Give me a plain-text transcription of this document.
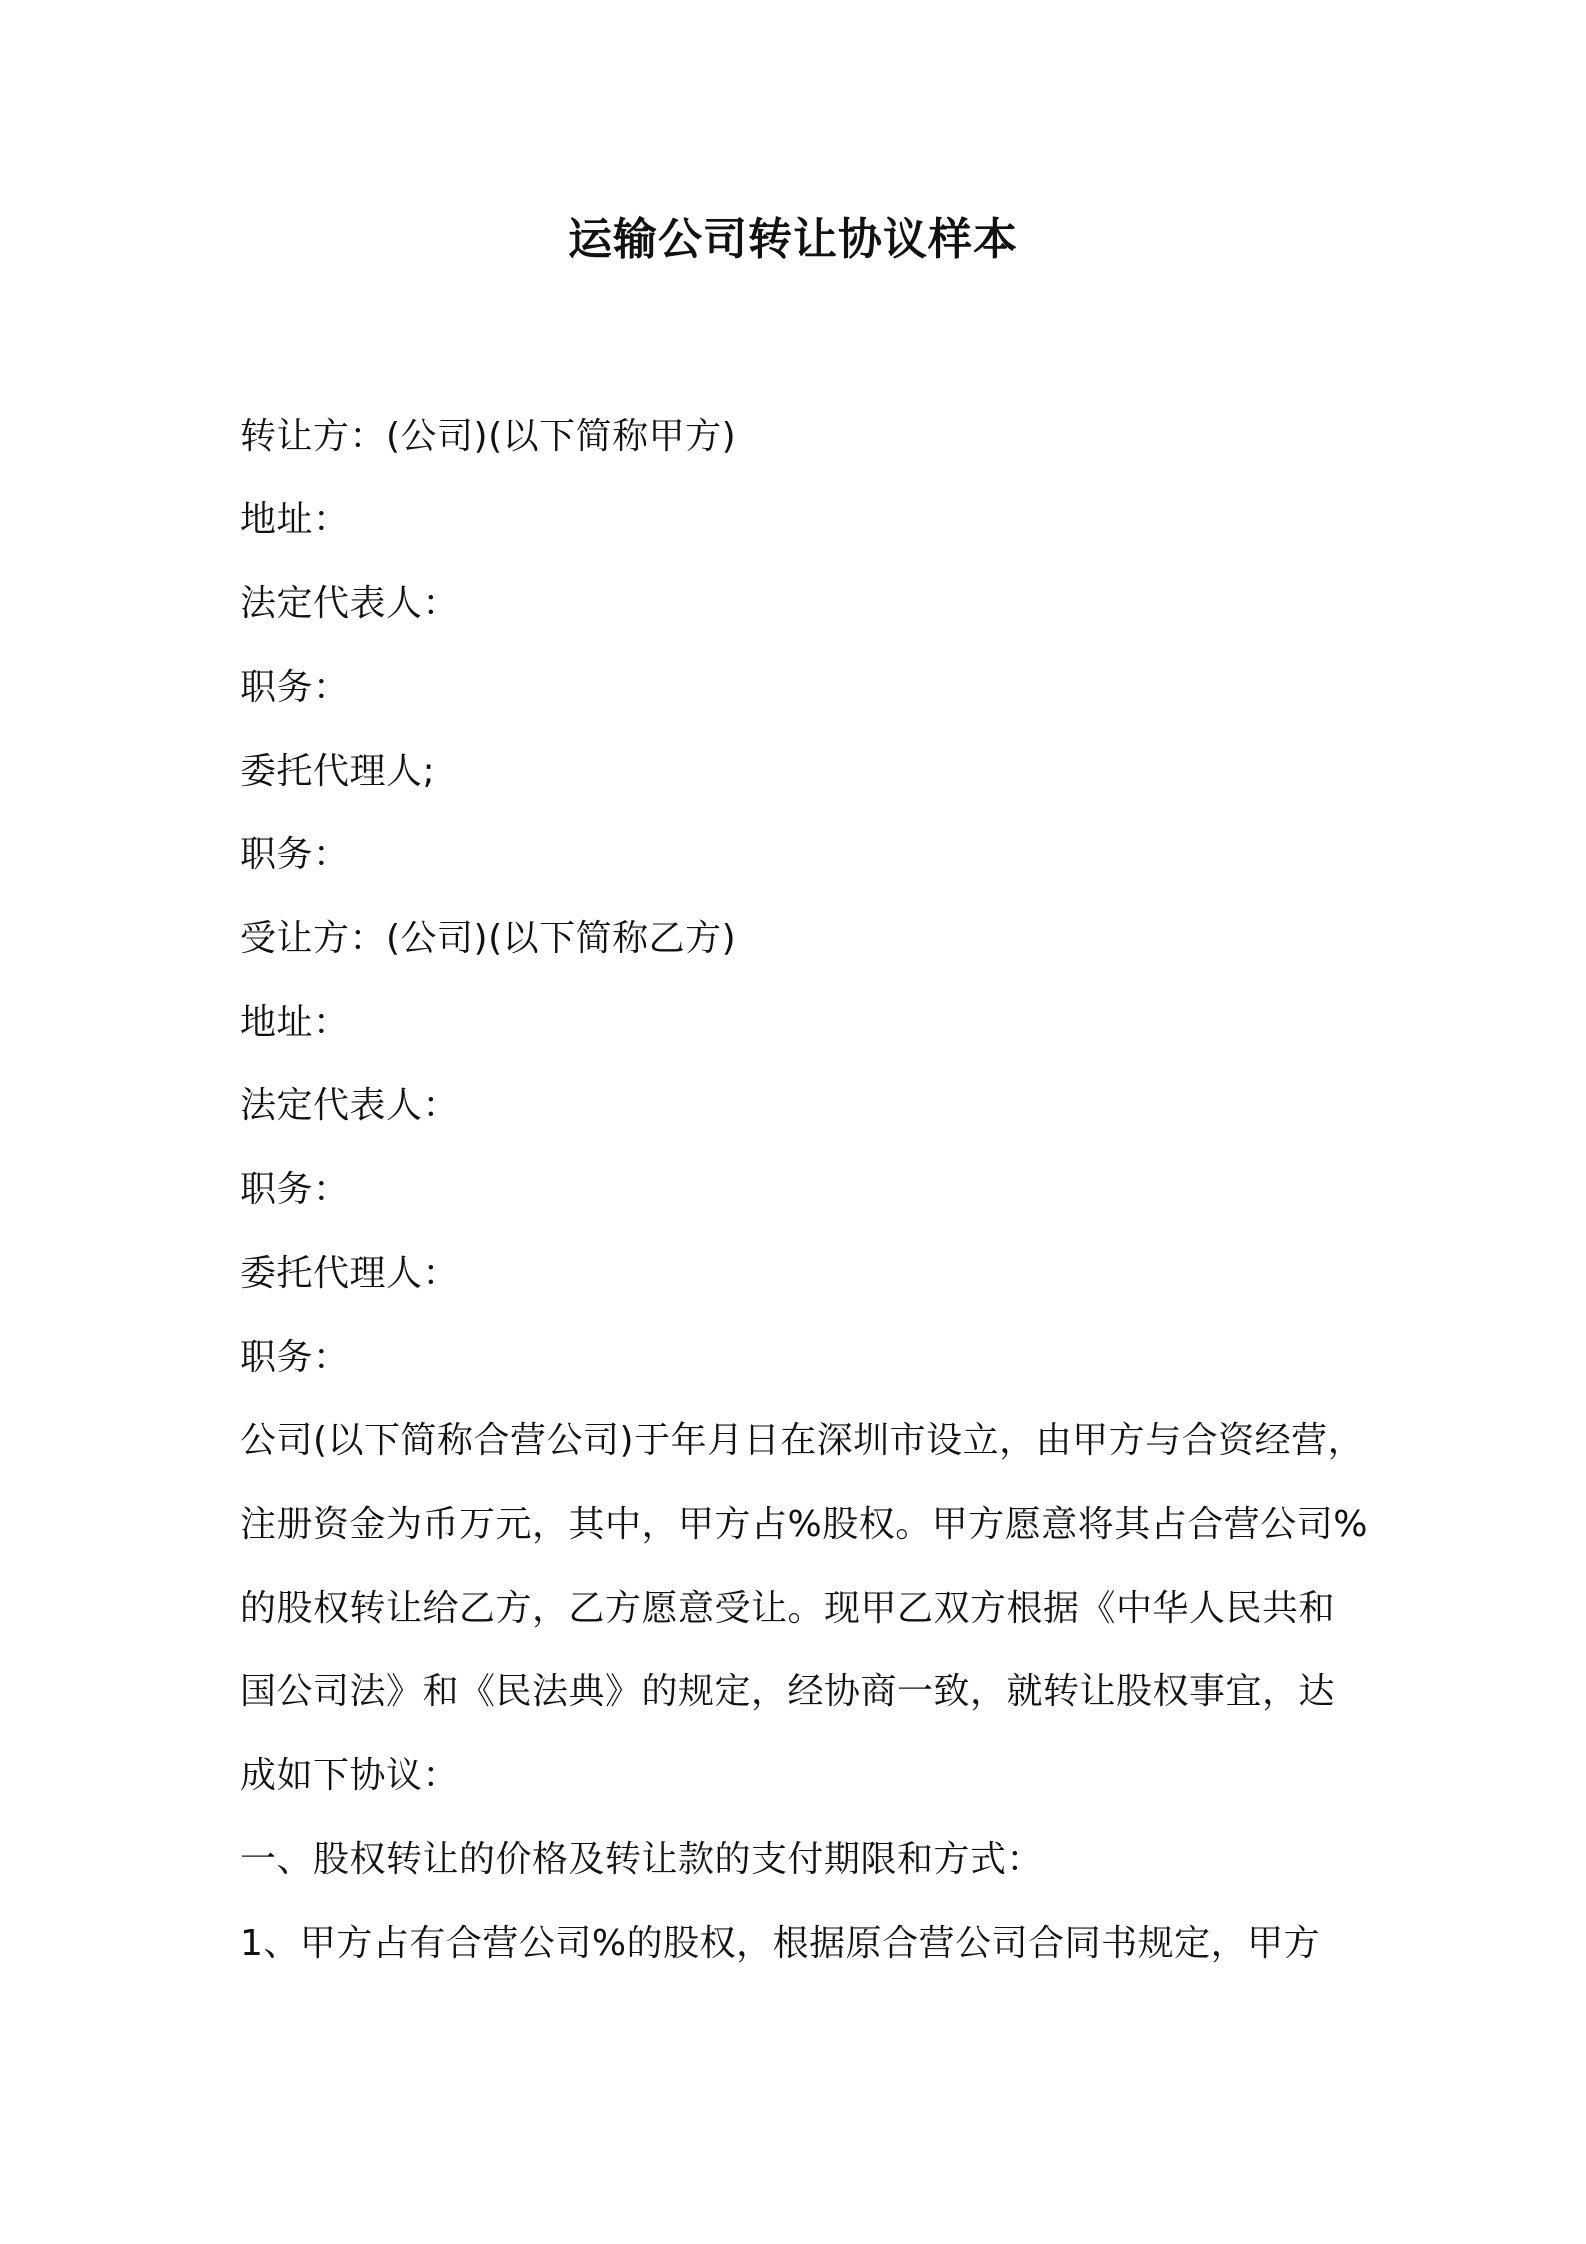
运输公司转让协议样本
转让方：(公司)(以下简称甲方)
地址：
法定代表人：
职务：
委托代理人;
职务：
受让方：(公司)(以下简称乙方)
地址：
法定代表人：
职务：
委托代理人：
职务：
公司(以下简称合营公司)于年月日在深圳市设立，由甲方与合资经营，
注册资金为币万元，其中，甲方占%股权。甲方愿意将其占合营公司%
的股权转让给乙方，乙方愿意受让。现甲乙双方根据《中华人民共和
国公司法》和《民法典》的规定，经协商一致，就转让股权事宜，达
成如下协议：
一、股权转让的价格及转让款的支付期限和方式：
1、甲方占有合营公司%的股权，根据原合营公司合同书规定，甲方
